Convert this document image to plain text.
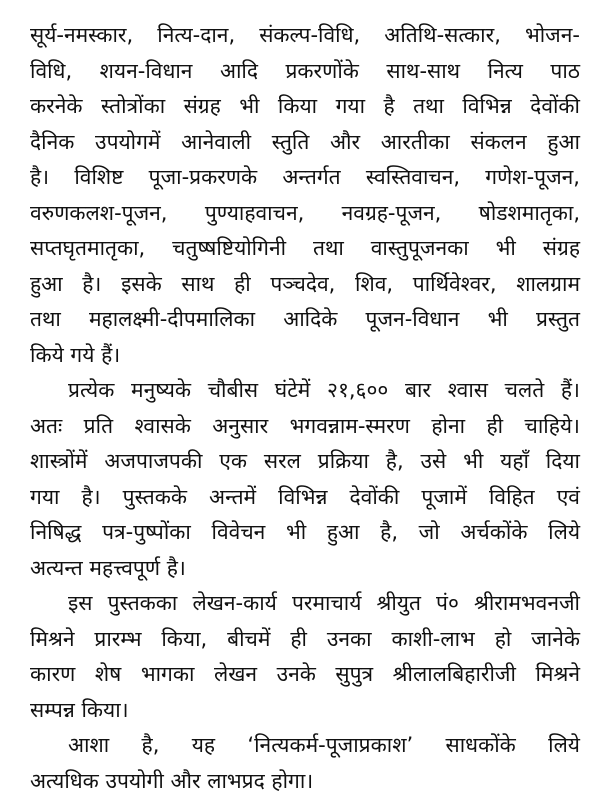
सूर्य-नमस्कार, नित्य-दान, संकल्प-विधि, अतिथि-सत्कार, भोजन-
विधि, शयन-विधान आदि प्रकरणोंके साथ-साथ नित्य पाठ
करनेके स्तोत्रोंका संग्रह भी किया गया है तथा विभिन्न देवोंकी
दैनिक उपयोगमें आनेवाली स्तुति और आरतीका संकलन हुआ
है। विशिष्ट पूजा-प्रकरणके अन्तर्गत स्वस्तिवाचन, गणेश-पूजन,
वरुणकलश-पूजन, पुण्याहवाचन, नवग्रह-पूजन, षोडशमातृका,
सप्तघृतमातृका, चतुष्षष्टियोगिनी तथा वास्तुपूजनका भी संग्रह
हुआ है। इसके साथ ही पञ्चदेव, शिव, पार्थिवेश्वर, शालग्राम
तथा महालक्ष्मी-दीपमालिका आदिके पूजन-विधान भी प्रस्तुत
किये गये हैं।
प्रत्येक मनुष्यके चौबीस घंटेमें २१,६०० बार श्वास चलते हैं।
अतः प्रति श्वासके अनुसार भगवन्नाम-स्मरण होना ही चाहिये।
शास्त्रोंमें अजपाजपकी एक सरल प्रक्रिया है, उसे भी यहाँ दिया
गया है। पुस्तकके अन्तमें विभिन्न देवोंकी पूजामें विहित एवं
निषिद्ध पत्र-पुष्पोंका विवेचन भी हुआ है, जो अर्चकोंके लिये
अत्यन्त महत्त्वपूर्ण है।
इस पुस्तकका लेखन-कार्य परमाचार्य श्रीयुत पं० श्रीरामभवनजी
मिश्रने प्रारम्भ किया, बीचमें ही उनका काशी-लाभ हो जानेके
कारण शेष भागका लेखन उनके सुपुत्र श्रीलालबिहारीजी मिश्रने
सम्पन्न किया।
आशा है, यह ‘नित्यकर्म-पूजाप्रकाश’ साधकोंके लिये
अत्यधिक उपयोगी और लाभप्रद होगा।
